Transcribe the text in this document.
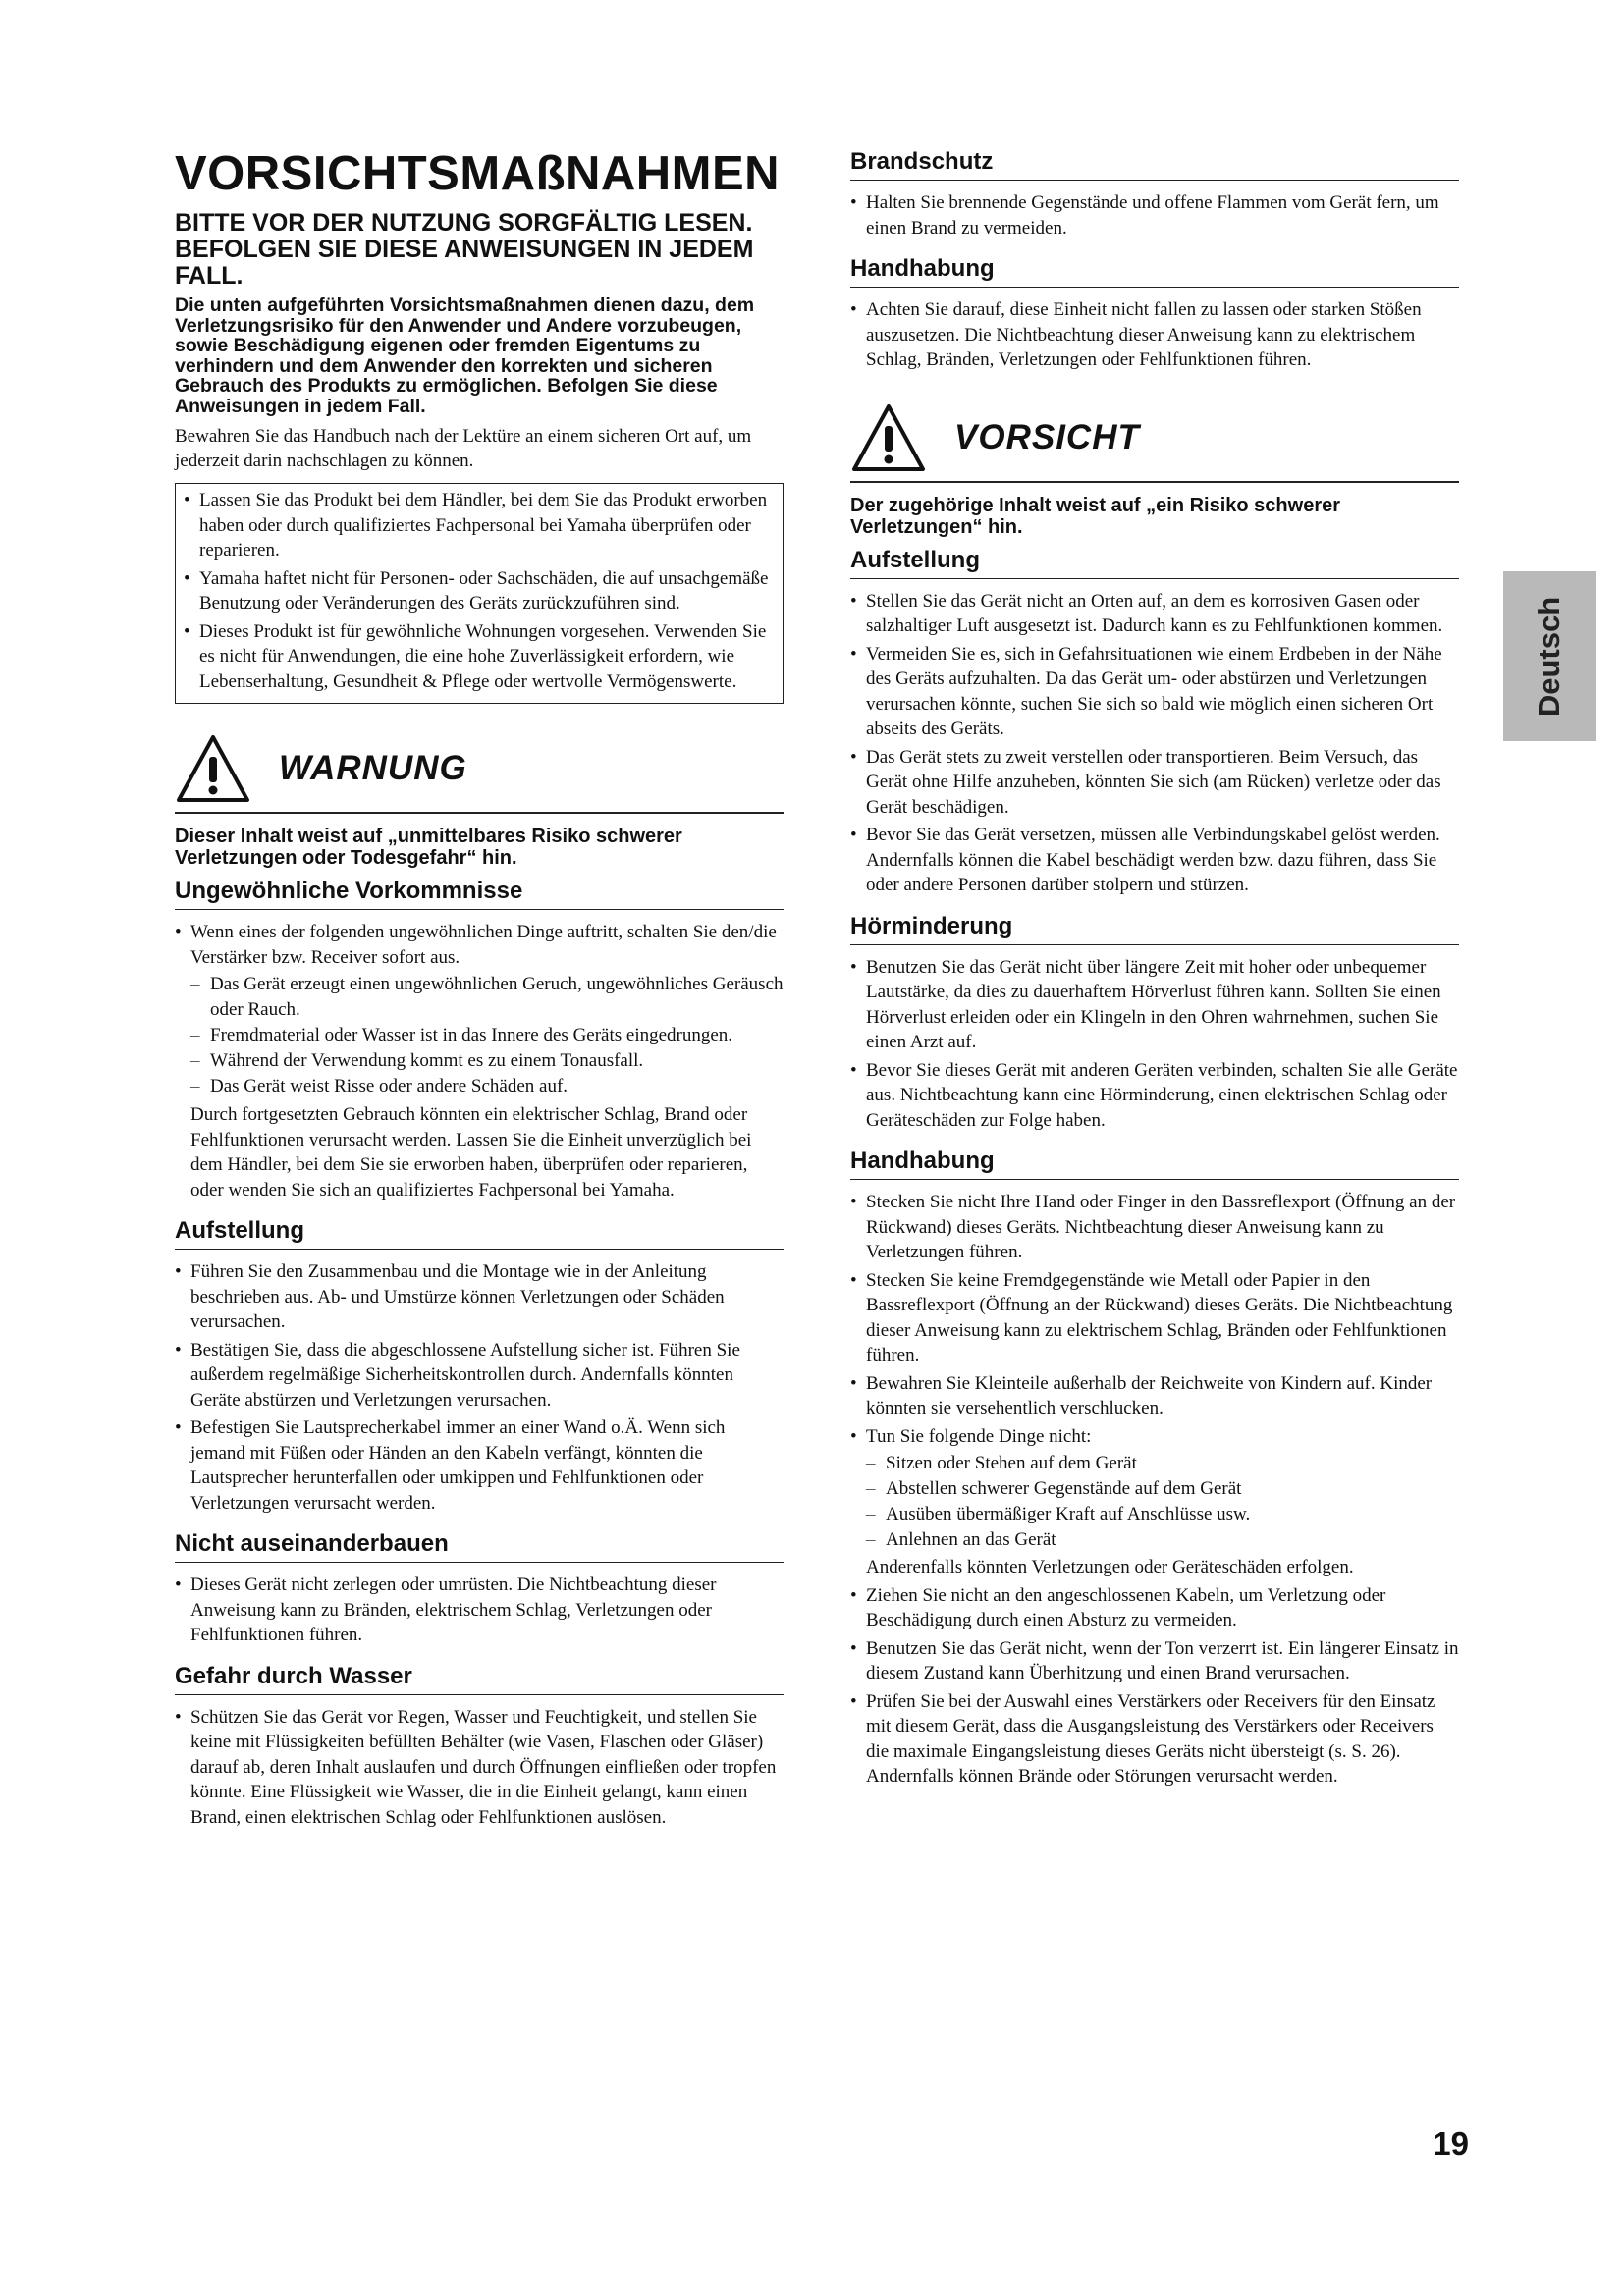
VORSICHTSMAßNAHMEN
BITTE VOR DER NUTZUNG SORGFÄLTIG LESEN. BEFOLGEN SIE DIESE ANWEISUNGEN IN JEDEM FALL.
Die unten aufgeführten Vorsichtsmaßnahmen dienen dazu, dem Verletzungsrisiko für den Anwender und Andere vorzubeugen, sowie Beschädigung eigenen oder fremden Eigentums zu verhindern und dem Anwender den korrekten und sicheren Gebrauch des Produkts zu ermöglichen. Befolgen Sie diese Anweisungen in jedem Fall.

Bewahren Sie das Handbuch nach der Lektüre an einem sicheren Ort auf, um jederzeit darin nachschlagen zu können.

• Lassen Sie das Produkt bei dem Händler, bei dem Sie das Produkt erworben haben oder durch qualifiziertes Fachpersonal bei Yamaha überprüfen oder reparieren.
• Yamaha haftet nicht für Personen- oder Sachschäden, die auf unsachgemäße Benutzung oder Veränderungen des Geräts zurückzuführen sind.
• Dieses Produkt ist für gewöhnliche Wohnungen vorgesehen. Verwenden Sie es nicht für Anwendungen, die eine hohe Zuverlässigkeit erfordern, wie Lebenserhaltung, Gesundheit & Pflege oder wertvolle Vermögenswerte.
WARNUNG
Dieser Inhalt weist auf „unmittelbares Risiko schwerer Verletzungen oder Todesgefahr“ hin.
Ungewöhnliche Vorkommnisse
• Wenn eines der folgenden ungewöhnlichen Dinge auftritt, schalten Sie den/die Verstärker bzw. Receiver sofort aus.
– Das Gerät erzeugt einen ungewöhnlichen Geruch, ungewöhnliches Geräusch oder Rauch.
– Fremdmaterial oder Wasser ist in das Innere des Geräts eingedrungen.
– Während der Verwendung kommt es zu einem Tonausfall.
– Das Gerät weist Risse oder andere Schäden auf.
Durch fortgesetzten Gebrauch könnten ein elektrischer Schlag, Brand oder Fehlfunktionen verursacht werden. Lassen Sie die Einheit unverzüglich bei dem Händler, bei dem Sie sie erworben haben, überprüfen oder reparieren, oder wenden Sie sich an qualifiziertes Fachpersonal bei Yamaha.
Aufstellung
• Führen Sie den Zusammenbau und die Montage wie in der Anleitung beschrieben aus. Ab- und Umstürze können Verletzungen oder Schäden verursachen.
• Bestätigen Sie, dass die abgeschlossene Aufstellung sicher ist. Führen Sie außerdem regelmäßige Sicherheitskontrollen durch. Andernfalls könnten Geräte abstürzen und Verletzungen verursachen.
• Befestigen Sie Lautsprecherkabel immer an einer Wand o.Ä. Wenn sich jemand mit Füßen oder Händen an den Kabeln verfängt, könnten die Lautsprecher herunterfallen oder umkippen und Fehlfunktionen oder Verletzungen verursacht werden.
Nicht auseinanderbauen
• Dieses Gerät nicht zerlegen oder umrüsten. Die Nichtbeachtung dieser Anweisung kann zu Bränden, elektrischem Schlag, Verletzungen oder Fehlfunktionen führen.
Gefahr durch Wasser
• Schützen Sie das Gerät vor Regen, Wasser und Feuchtigkeit, und stellen Sie keine mit Flüssigkeiten befüllten Behälter (wie Vasen, Flaschen oder Gläser) darauf ab, deren Inhalt auslaufen und durch Öffnungen einfließen oder tropfen könnte. Eine Flüssigkeit wie Wasser, die in die Einheit gelangt, kann einen Brand, einen elektrischen Schlag oder Fehlfunktionen auslösen.
Brandschutz
• Halten Sie brennende Gegenstände und offene Flammen vom Gerät fern, um einen Brand zu vermeiden.
Handhabung
• Achten Sie darauf, diese Einheit nicht fallen zu lassen oder starken Stößen auszusetzen. Die Nichtbeachtung dieser Anweisung kann zu elektrischem Schlag, Bränden, Verletzungen oder Fehlfunktionen führen.
VORSICHT
Der zugehörige Inhalt weist auf „ein Risiko schwerer Verletzungen“ hin.
Aufstellung
• Stellen Sie das Gerät nicht an Orten auf, an dem es korrosiven Gasen oder salzhaltiger Luft ausgesetzt ist. Dadurch kann es zu Fehlfunktionen kommen.
• Vermeiden Sie es, sich in Gefahrsituationen wie einem Erdbeben in der Nähe des Geräts aufzuhalten. Da das Gerät um- oder abstürzen und Verletzungen verursachen könnte, suchen Sie sich so bald wie möglich einen sicheren Ort abseits des Geräts.
• Das Gerät stets zu zweit verstellen oder transportieren. Beim Versuch, das Gerät ohne Hilfe anzuheben, könnten Sie sich (am Rücken) verletze oder das Gerät beschädigen.
• Bevor Sie das Gerät versetzen, müssen alle Verbindungskabel gelöst werden. Andernfalls können die Kabel beschädigt werden bzw. dazu führen, dass Sie oder andere Personen darüber stolpern und stürzen.
Hörminderung
• Benutzen Sie das Gerät nicht über längere Zeit mit hoher oder unbequemer Lautstärke, da dies zu dauerhaftem Hörverlust führen kann. Sollten Sie einen Hörverlust erleiden oder ein Klingeln in den Ohren wahrnehmen, suchen Sie einen Arzt auf.
• Bevor Sie dieses Gerät mit anderen Geräten verbinden, schalten Sie alle Geräte aus. Nichtbeachtung kann eine Hörminderung, einen elektrischen Schlag oder Geräteschäden zur Folge haben.
Handhabung
• Stecken Sie nicht Ihre Hand oder Finger in den Bassreflexport (Öffnung an der Rückwand) dieses Geräts. Nichtbeachtung dieser Anweisung kann zu Verletzungen führen.
• Stecken Sie keine Fremdgegenstände wie Metall oder Papier in den Bassreflexport (Öffnung an der Rückwand) dieses Geräts. Die Nichtbeachtung dieser Anweisung kann zu elektrischem Schlag, Bränden oder Fehlfunktionen führen.
• Bewahren Sie Kleinteile außerhalb der Reichweite von Kindern auf. Kinder könnten sie versehentlich verschlucken.
• Tun Sie folgende Dinge nicht:
– Sitzen oder Stehen auf dem Gerät
– Abstellen schwerer Gegenstände auf dem Gerät
– Ausüben übermäßiger Kraft auf Anschlüsse usw.
– Anlehnen an das Gerät
Anderenfalls könnten Verletzungen oder Geräteschäden erfolgen.
• Ziehen Sie nicht an den angeschlossenen Kabeln, um Verletzung oder Beschädigung durch einen Absturz zu vermeiden.
• Benutzen Sie das Gerät nicht, wenn der Ton verzerrt ist. Ein längerer Einsatz in diesem Zustand kann Überhitzung und einen Brand verursachen.
• Prüfen Sie bei der Auswahl eines Verstärkers oder Receivers für den Einsatz mit diesem Gerät, dass die Ausgangsleistung des Verstärkers oder Receivers die maximale Eingangsleistung dieses Geräts nicht übersteigt (s. S. 26). Andernfalls können Brände oder Störungen verursacht werden.
Deutsch
19
